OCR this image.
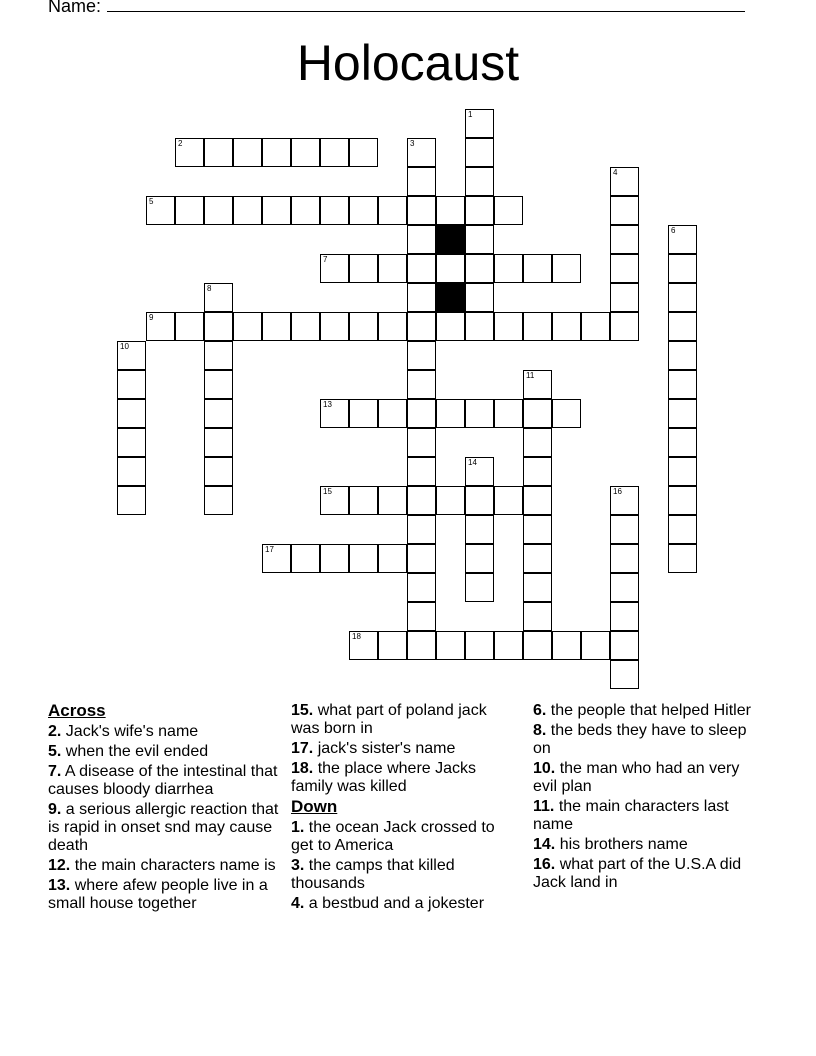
Name:
Holocaust
2
5
7
9
13
15
17
18
1
3
4
6
8
10
11
14
16
Across
2. Jack's wife's name
5. when the evil ended
7. A disease of the intestinal that causes bloody diarrhea
9. a serious allergic reaction that is rapid in onset snd may cause death
12. the main characters name is
13. where afew people live in a small house together
15. what part of poland jack was born in
17. jack's sister's name
18. the place where Jacks family was killed
Down
1. the ocean Jack crossed to get to America
3. the camps that killed thousands
4. a bestbud and a jokester
6. the people that helped Hitler
8. the beds they have to sleep on
10. the man who had an very evil plan
11. the main characters last name
14. his brothers name
16. what part of the U.S.A did Jack land in
